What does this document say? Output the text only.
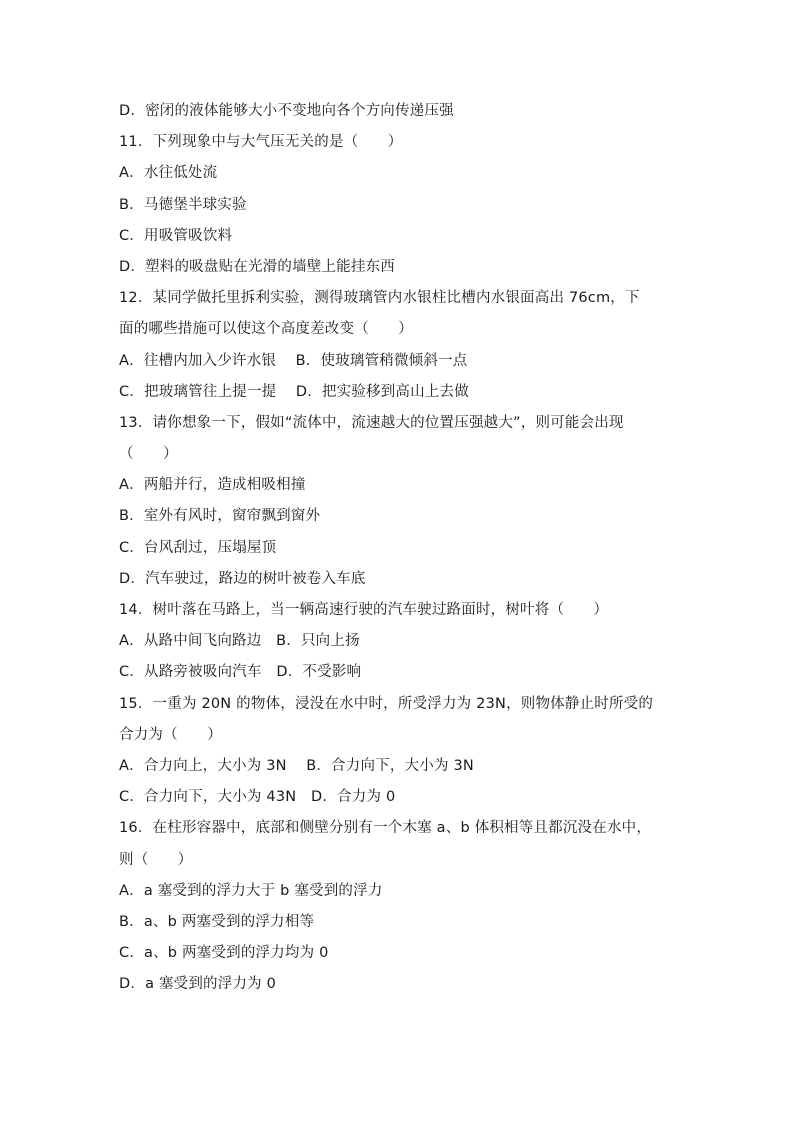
D．密闭的液体能够大小不变地向各个方向传递压强
11．下列现象中与大气压无关的是（　　）
A．水往低处流
B．马德堡半球实验
C．用吸管吸饮料
D．塑料的吸盘贴在光滑的墙壁上能挂东西
12．某同学做托里拆利实验，测得玻璃管内水银柱比槽内水银面高出 76cm，下
面的哪些措施可以使这个高度差改变（　　）
A．往槽内加入少许水银　 B．使玻璃管稍微倾斜一点
C．把玻璃管往上提一提　 D．把实验移到高山上去做
13．请你想象一下，假如“流体中，流速越大的位置压强越大”，则可能会出现
（　　）
A．两船并行，造成相吸相撞
B．室外有风时，窗帘飘到窗外
C．台风刮过，压塌屋顶
D．汽车驶过，路边的树叶被卷入车底
14．树叶落在马路上，当一辆高速行驶的汽车驶过路面时，树叶将（　　）
A．从路中间飞向路边　B．只向上扬
C．从路旁被吸向汽车　D．不受影响
15．一重为 20N 的物体，浸没在水中时，所受浮力为 23N，则物体静止时所受的
合力为（　　）
A．合力向上，大小为 3N　 B．合力向下，大小为 3N
C．合力向下，大小为 43N　D．合力为 0
16．在柱形容器中，底部和侧壁分别有一个木塞 a、b 体积相等且都沉没在水中，
则（　　）
A．a 塞受到的浮力大于 b 塞受到的浮力
B．a、b 两塞受到的浮力相等
C．a、b 两塞受到的浮力均为 0
D．a 塞受到的浮力为 0
